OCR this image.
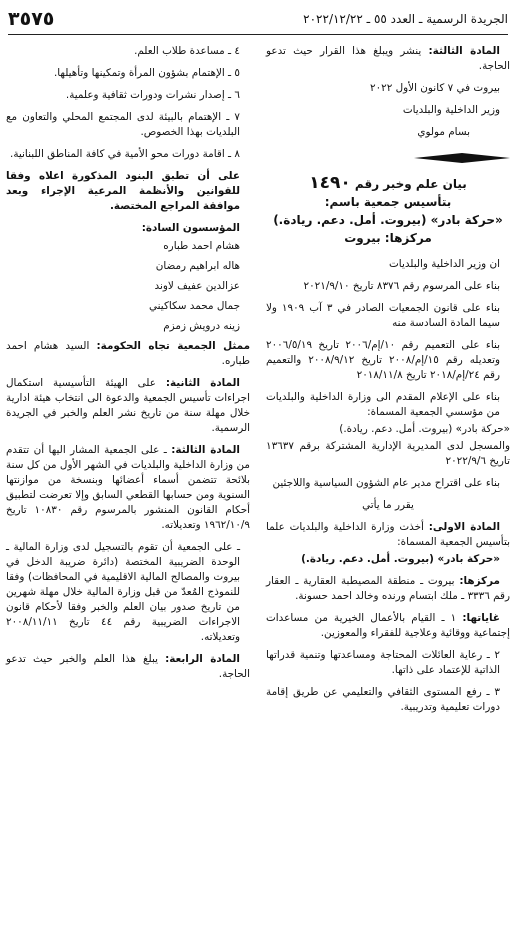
الجريدة الرسمية ـ العدد ٥٥ ـ ٢٠٢٢/١٢/٢٢
٣٥٧٥

المادة الثالثة: ينشر ويبلغ هذا القرار حيث تدعو الحاجة.

بيروت في ٧ كانون الأول ٢٠٢٢

وزير الداخلية والبلديات

بسام مولوي

بيان علم وخبر رقم ١٤٩٠

بتأسيس جمعية باسم:

«حركة بادر» (بيروت. أمل. دعم. ريادة.)

مركزها: بيروت

ان وزير الداخلية والبلديات

بناء على المرسوم رقم ٨٣٧٦ تاريخ ٢٠٢١/٩/١٠

بناء على قانون الجمعيات الصادر في ٣ آب ١٩٠٩ ولا سيما المادة السادسة منه

بناء على التعميم رقم ١٠/إم/٢٠٠٦ تاريخ ٢٠٠٦/٥/١٩ وتعديله رقم ١٥/إم/٢٠٠٨ تاريخ ٢٠٠٨/٩/١٢ والتعميم رقم ٢٤/إم/٢٠١٨ تاريخ ٢٠١٨/١١/٨

بناء على الإعلام المقدم الى وزارة الداخلية والبلديات من مؤسسي الجمعية المسماة:

«حركة بادر» (بيروت. أمل. دعم. ريادة.)

والمسجل لدى المديرية الإدارية المشتركة برقم ١٣٦٣٧ تاريخ ٢٠٢٢/٩/٦

بناء على اقتراح مدير عام الشؤون السياسية واللاجئين

يقرر ما يأتي

المادة الاولى: أخذت وزارة الداخلية والبلديات علما بتأسيس الجمعية المسماة:

«حركة بادر» (بيروت. أمل. دعم. ريادة.)

مركزها: بيروت ـ منطقة المصيطبة العقارية ـ العقار رقم ٣٣٣٦ ـ ملك ابتسام ورنده وخالد احمد حسونة.

غاياتها: ١ ـ القيام بالأعمال الخيرية من مساعدات إجتماعية ووقائية وعلاجية للفقراء والمعوزين.

٢ ـ رعاية العائلات المحتاجة ومساعدتها وتنمية قدراتها الذاتية للإعتماد على ذاتها.

٣ ـ رفع المستوى الثقافي والتعليمي عن طريق إقامة دورات تعليمية وتدريبية.

٤ ـ مساعدة طلاب العلم.

٥ ـ الإهتمام بشؤون المرأة وتمكينها وتأهيلها.

٦ ـ إصدار نشرات ودورات ثقافية وعلمية.

٧ ـ الإهتمام بالبيئة لدى المجتمع المحلي والتعاون مع البلديات بهذا الخصوص.

٨ ـ اقامة دورات محو الأمية في كافة المناطق اللبنانية.

على أن تطبق البنود المذكورة اعلاه وفقا للقوانين والأنظمة المرعية الإجراء وبعد موافقة المراجع المختصة.

المؤسسون السادة:

هشام احمد طباره

هاله ابراهيم رمضان

عزالدين عفيف لاوند

جمال محمد سكاكيني

زينه درويش زمزم

ممثل الجمعية تجاه الحكومة: السيد هشام احمد طباره.

المادة الثانية: على الهيئة التأسيسية استكمال اجراءات تأسيس الجمعية والدعوة الى انتخاب هيئة ادارية خلال مهلة سنة من تاريخ نشر العلم والخبر في الجريدة الرسمية.

المادة الثالثة: ـ على الجمعية المشار اليها أن تتقدم من وزارة الداخلية والبلديات في الشهر الأول من كل سنة بلائحة تتضمن أسماء أعضائها وبنسخة من موازنتها السنوية ومن حسابها القطعي السابق وإلا تعرضت لتطبيق أحكام القانون المنشور بالمرسوم رقم ١٠٨٣٠ تاريخ ١٩٦٢/١٠/٩ وتعديلاته.

ـ على الجمعية أن تقوم بالتسجيل لدى وزارة المالية ـ الوحدة الضريبية المختصة (دائرة ضريبة الدخل في بيروت والمصالح المالية الاقليمية في المحافظات) وفقا للنموذج المُعدّ من قبل وزارة المالية خلال مهلة شهرين من تاريخ صدور بيان العلم والخبر وفقا لأحكام قانون الاجراءات الضريبية رقم ٤٤ تاريخ ٢٠٠٨/١١/١١ وتعديلاته.

المادة الرابعة: يبلغ هذا العلم والخبر حيث تدعو الحاجة.
